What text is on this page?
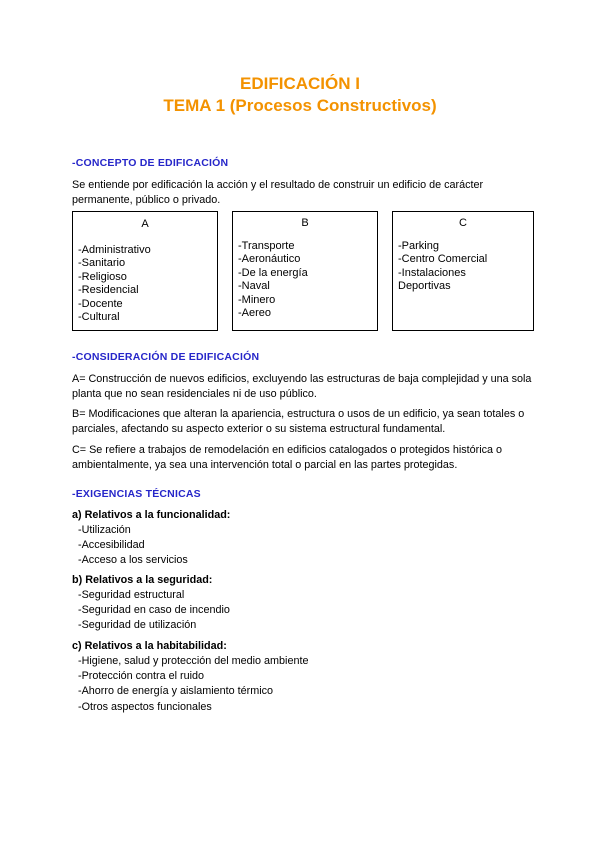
EDIFICACIÓN I
TEMA 1 (Procesos Constructivos)

-CONCEPTO DE EDIFICACIÓN

Se entiende por edificación la acción y el resultado de construir un edificio de carácter permanente, público o privado.

A
-Administrativo
-Sanitario
-Religioso
-Residencial
-Docente
-Cultural
B
-Transporte
-Aeronáutico
-De la energía
-Naval
-Minero
-Aereo
C
-Parking
-Centro Comercial
-Instalaciones
Deportivas

-CONSIDERACIÓN DE EDIFICACIÓN

A= Construcción de nuevos edificios, excluyendo las estructuras de baja complejidad y una sola planta que no sean residenciales ni de uso público.

B= Modificaciones que alteran la apariencia, estructura o usos de un edificio, ya sean totales o parciales, afectando su aspecto exterior o su sistema estructural fundamental.

C= Se refiere a trabajos de remodelación en edificios catalogados o protegidos histórica o ambientalmente, ya sea una intervención total o parcial en las partes protegidas.

-EXIGENCIAS TÉCNICAS

a) Relativos a la funcionalidad:

-Utilización
-Accesibilidad
-Acceso a los servicios

b) Relativos a la seguridad:

-Seguridad estructural
-Seguridad en caso de incendio
-Seguridad de utilización

c) Relativos a la habitabilidad:

-Higiene, salud y protección del medio ambiente
-Protección contra el ruido
-Ahorro de energía y aislamiento térmico
-Otros aspectos funcionales
